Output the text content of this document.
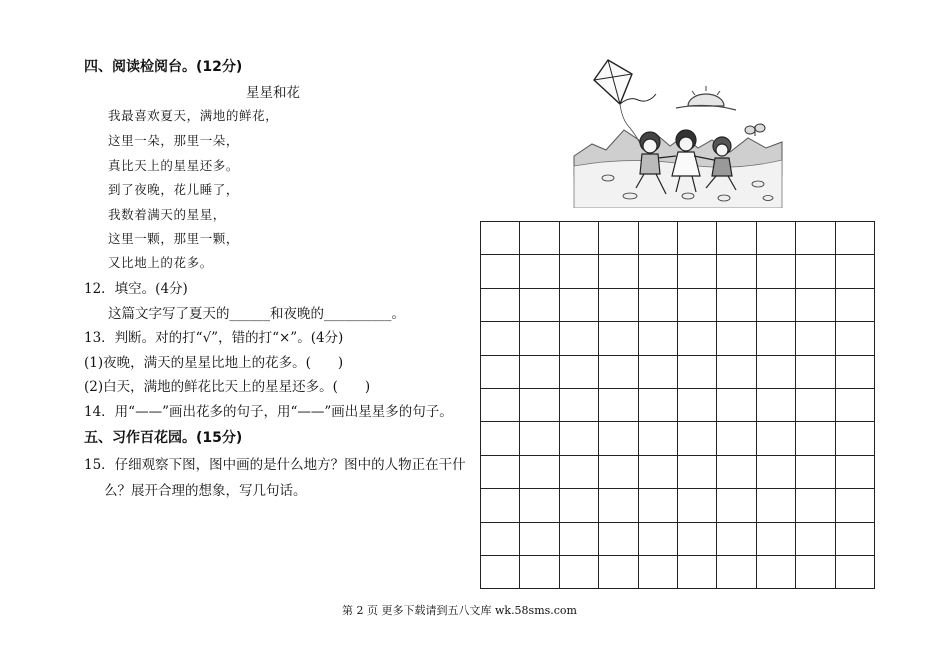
四、阅读检阅台。(12分)
星星和花
我最喜欢夏天，满地的鲜花，
这里一朵，那里一朵，
真比天上的星星还多。
到了夜晚，花儿睡了，
我数着满天的星星，
这里一颗，那里一颗，
又比地上的花多。
12．填空。(4分)
这篇文字写了夏天的______和夜晚的__________。
13．判断。对的打“√”，错的打“×”。(4分)
(1)夜晚，满天的星星比地上的花多。(　　)
(2)白天，满地的鲜花比天上的星星还多。(　　)
14．用“——”画出花多的句子，用“——”画出星星多的句子。
五、习作百花园。(15分)
15．仔细观察下图，图中画的是什么地方？图中的人物正在干什
么？展开合理的想象，写几句话。

第 2 页 更多下载请到五八文库 wk.58sms.com
